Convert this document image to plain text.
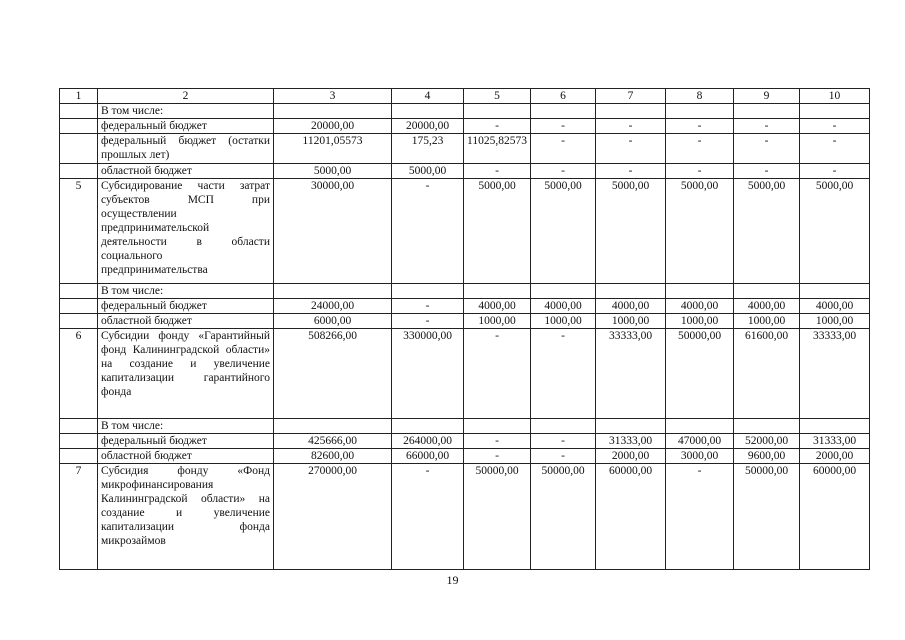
1	2	3	4	5	6	7	8	9	10
	В том числе:								
	федеральный бюджет	20000,00	20000,00	-	-	-	-	-	-
	федеральный бюджет (остатки прошлых лет)	11201,05573	175,23	11025,82573	-	-	-	-	-
	областной бюджет	5000,00	5000,00	-	-	-	-	-	-
5	Субсидирование части затрат субъектов МСП при осуществлении предпринимательской деятельности в области социального предпринимательства	30000,00	-	5000,00	5000,00	5000,00	5000,00	5000,00	5000,00
	В том числе:								
	федеральный бюджет	24000,00	-	4000,00	4000,00	4000,00	4000,00	4000,00	4000,00
	областной бюджет	6000,00	-	1000,00	1000,00	1000,00	1000,00	1000,00	1000,00
6	Субсидии фонду «Гарантийный фонд Калининградской области» на создание и увеличение капитализации гарантийного фонда	508266,00	330000,00	-	-	33333,00	50000,00	61600,00	33333,00
	В том числе:								
	федеральный бюджет	425666,00	264000,00	-	-	31333,00	47000,00	52000,00	31333,00
	областной бюджет	82600,00	66000,00	-	-	2000,00	3000,00	9600,00	2000,00
7	Субсидия фонду «Фонд микрофинансирования Калининградской области» на создание и увеличение капитализации фонда микрозаймов	270000,00	-	50000,00	50000,00	60000,00	-	50000,00	60000,00
19
